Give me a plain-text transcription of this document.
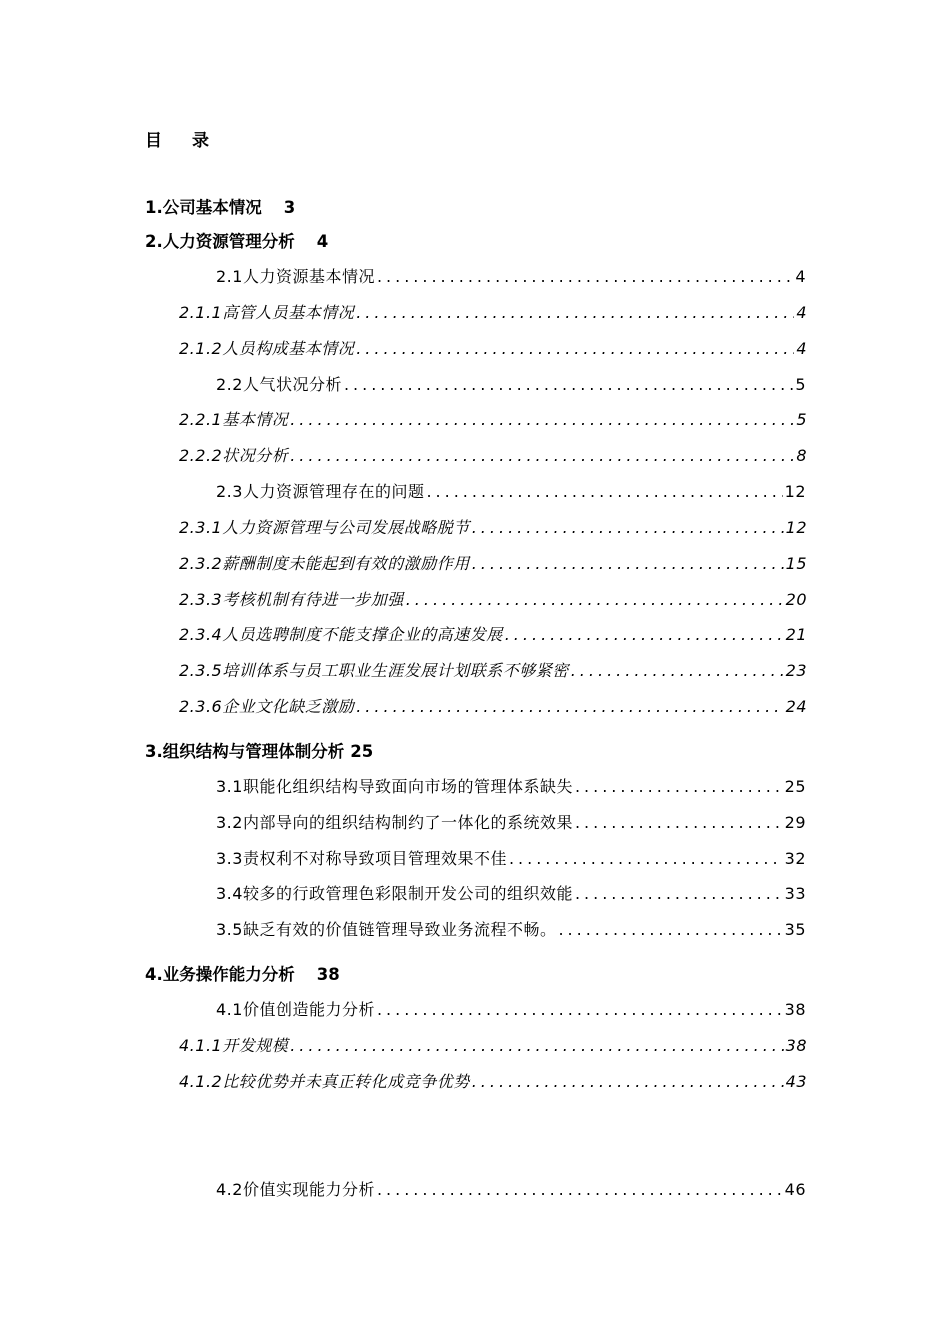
目 录
1.公司基本情况 3
2.人力资源管理分析 4
2.1人力资源基本情况 .....	4
2.1.1高管人员基本情况 .....	4
2.1.2人员构成基本情况 .....	4
2.2人气状况分析 .....	5
2.2.1基本情况 .....	5
2.2.2状况分析 .....	8
2.3人力资源管理存在的问题 .....	12
2.3.1人力资源管理与公司发展战略脱节 .....	12
2.3.2薪酬制度未能起到有效的激励作用 .....	15
2.3.3考核机制有待进一步加强 .....	20
2.3.4人员选聘制度不能支撑企业的高速发展 .....	21
2.3.5培训体系与员工职业生涯发展计划联系不够紧密 .....	23
2.3.6企业文化缺乏激励 .....	24
3.组织结构与管理体制分析 25
3.1职能化组织结构导致面向市场的管理体系缺失 .....	25
3.2内部导向的组织结构制约了一体化的系统效果 .....	29
3.3责权利不对称导致项目管理效果不佳 .....	32
3.4较多的行政管理色彩限制开发公司的组织效能 .....	33
3.5缺乏有效的价值链管理导致业务流程不畅。 .....	35
4.业务操作能力分析 38
4.1价值创造能力分析 .....	38
4.1.1开发规模 .....	38
4.1.2比较优势并未真正转化成竞争优势 .....	43
4.2价值实现能力分析 .....	46
